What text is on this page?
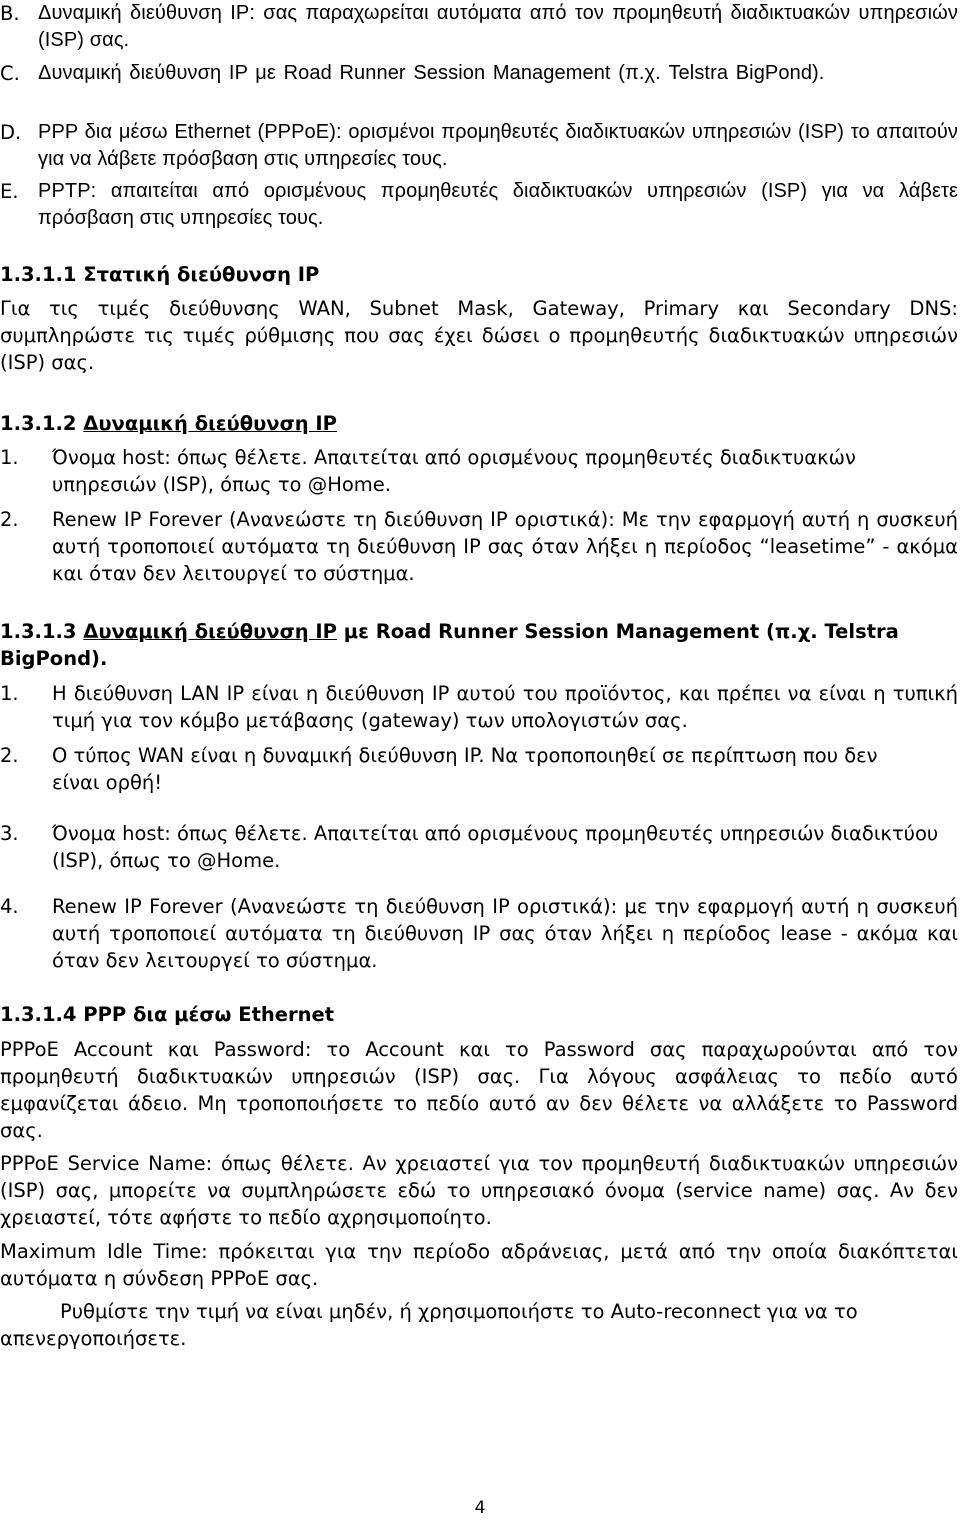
B. Δυναμική διεύθυνση IP: σας παραχωρείται αυτόματα από τον προμηθευτή διαδικτυακών υπηρεσιών (ISP) σας.

C. Δυναμική διεύθυνση IP με Road Runner Session Management (π.χ. Telstra BigPond).

D. PPP δια μέσω Ethernet (PPPoE): ορισμένοι προμηθευτές διαδικτυακών υπηρεσιών (ISP) το απαιτούν για να λάβετε πρόσβαση στις υπηρεσίες τους.

E. PPTP: απαιτείται από ορισμένους προμηθευτές διαδικτυακών υπηρεσιών (ISP) για να λάβετε πρόσβαση στις υπηρεσίες τους.

1.3.1.1 Στατική διεύθυνση IP

Για τις τιμές διεύθυνσης WAN, Subnet Mask, Gateway, Primary και Secondary DNS: συμπληρώστε τις τιμές ρύθμισης που σας έχει δώσει ο προμηθευτής διαδικτυακών υπηρεσιών (ISP) σας.

1.3.1.2 Δυναμική διεύθυνση IP

1. Όνομα host: όπως θέλετε. Απαιτείται από ορισμένους προμηθευτές διαδικτυακών υπηρεσιών (ISP), όπως το @Home.

2. Renew IP Forever (Ανανεώστε τη διεύθυνση IP οριστικά): Με την εφαρμογή αυτή η συσκευή αυτή τροποποιεί αυτόματα τη διεύθυνση IP σας όταν λήξει η περίοδος “leasetime” - ακόμα και όταν δεν λειτουργεί το σύστημα.

1.3.1.3 Δυναμική διεύθυνση IP με Road Runner Session Management (π.χ. Telstra BigPond).

1. Η διεύθυνση LAN IP είναι η διεύθυνση IP αυτού του προϊόντος, και πρέπει να είναι η τυπική τιμή για τον κόμβο μετάβασης (gateway) των υπολογιστών σας.

2. Ο τύπος WAN είναι η δυναμική διεύθυνση IP. Να τροποποιηθεί σε περίπτωση που δεν είναι ορθή!

3. Όνομα host: όπως θέλετε. Απαιτείται από ορισμένους προμηθευτές υπηρεσιών διαδικτύου (ISP), όπως το @Home.

4. Renew IP Forever (Ανανεώστε τη διεύθυνση IP οριστικά): με την εφαρμογή αυτή η συσκευή αυτή τροποποιεί αυτόματα τη διεύθυνση IP σας όταν λήξει η περίοδος lease - ακόμα και όταν δεν λειτουργεί το σύστημα.

1.3.1.4 PPP δια μέσω Ethernet

PPPoE Account και Password: το Account και το Password σας παραχωρούνται από τον προμηθευτή διαδικτυακών υπηρεσιών (ISP) σας. Για λόγους ασφάλειας το πεδίο αυτό εμφανίζεται άδειο. Μη τροποποιήσετε το πεδίο αυτό αν δεν θέλετε να αλλάξετε το Password σας.

PPPoE Service Name: όπως θέλετε. Αν χρειαστεί για τον προμηθευτή διαδικτυακών υπηρεσιών (ISP) σας, μπορείτε να συμπληρώσετε εδώ το υπηρεσιακό όνομα (service name) σας. Αν δεν χρειαστεί, τότε αφήστε το πεδίο αχρησιμοποίητο.

Maximum Idle Time: πρόκειται για την περίοδο αδράνειας, μετά από την οποία διακόπτεται αυτόματα η σύνδεση PPPoE σας.

Ρυθμίστε την τιμή να είναι μηδέν, ή χρησιμοποιήστε το Auto-reconnect για να το απενεργοποιήσετε.

4
